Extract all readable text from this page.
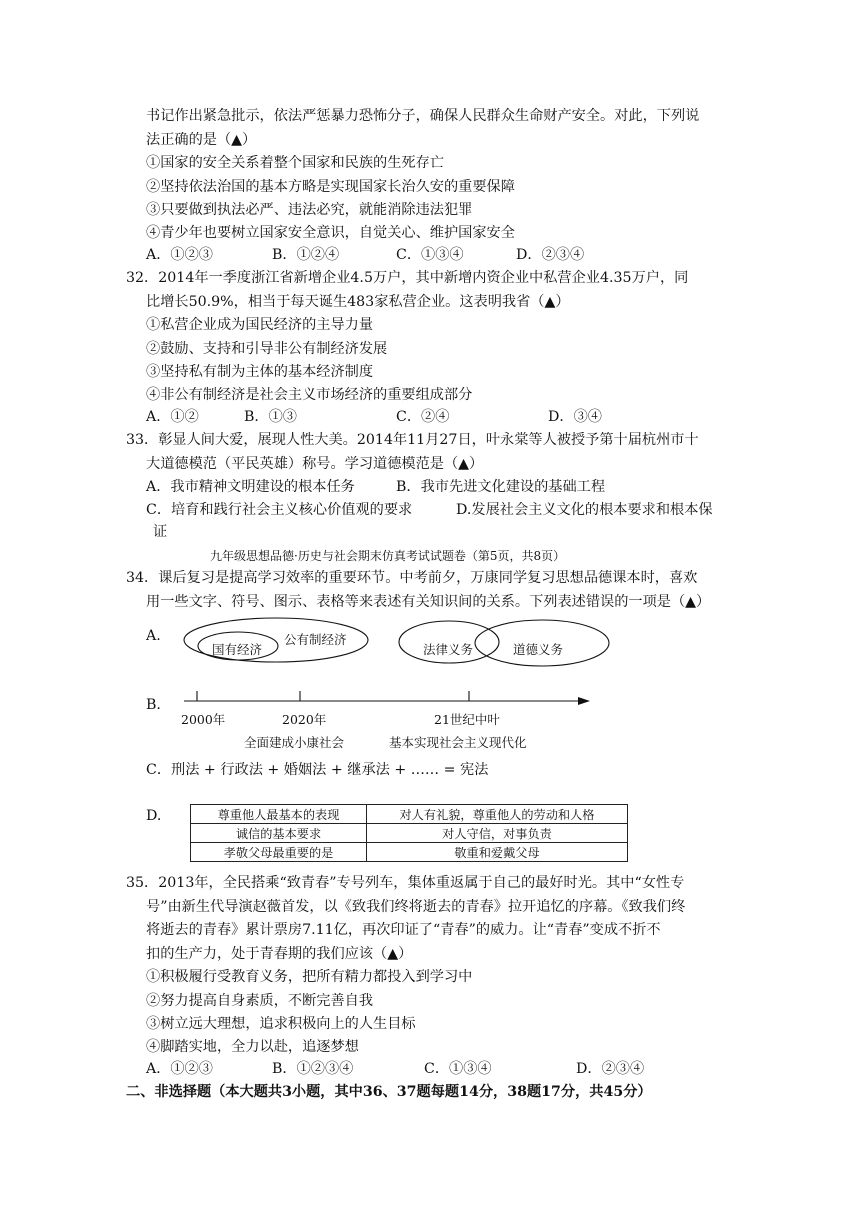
书记作出紧急批示，依法严惩暴力恐怖分子，确保人民群众生命财产安全。对此，下列说
法正确的是（▲）
①国家的安全关系着整个国家和民族的生死存亡
②坚持依法治国的基本方略是实现国家长治久安的重要保障
③只要做到执法必严、违法必究，就能消除违法犯罪
④青少年也要树立国家安全意识，自觉关心、维护国家安全
A．①②③	B．①②④	C．①③④	D．②③④
32．2014年一季度浙江省新增企业4.5万户，其中新增内资企业中私营企业4.35万户，同
比增长50.9%，相当于每天诞生483家私营企业。这表明我省（▲）
①私营企业成为国民经济的主导力量
②鼓励、支持和引导非公有制经济发展
③坚持私有制为主体的基本经济制度
④非公有制经济是社会主义市场经济的重要组成部分
A．①②	B．①③	C．②④	D．③④
33．彰显人间大爱，展现人性大美。2014年11月27日，叶永棠等人被授予第十届杭州市十
大道德模范（平民英雄）称号。学习道德模范是（▲）
A．我市精神文明建设的根本任务	B．我市先进文化建设的基础工程
C．培育和践行社会主义核心价值观的要求	D.发展社会主义文化的根本要求和根本保
证
九年级思想品德·历史与社会期末仿真考试试题卷（第5页，共8页）
34．课后复习是提高学习效率的重要环节。中考前夕，万康同学复习思想品德课本时，喜欢
用一些文字、符号、图示、表格等来表述有关知识间的关系。下列表述错误的一项是（▲）
A.
国有经济
公有制经济
法律义务	道德义务
B.
2000年	2020年	21世纪中叶
全面建成小康社会	基本实现社会主义现代化
C．刑法 + 行政法 + 婚姻法 + 继承法 + …… = 宪法
D.	尊重他人最基本的表现	对人有礼貌，尊重他人的劳动和人格
诚信的基本要求	对人守信，对事负责
孝敬父母最重要的是	敬重和爱戴父母
35．2013年，全民搭乘“致青春”专号列车，集体重返属于自己的最好时光。其中“女性专
号”由新生代导演赵薇首发，以《致我们终将逝去的青春》拉开追忆的序幕。《致我们终
将逝去的青春》累计票房7.11亿，再次印证了“青春”的威力。让“青春”变成不折不
扣的生产力，处于青春期的我们应该（▲）
①积极履行受教育义务，把所有精力都投入到学习中
②努力提高自身素质，不断完善自我
③树立远大理想，追求积极向上的人生目标
④脚踏实地，全力以赴，追逐梦想
A．①②③	B．①②③④	C．①③④	D．②③④
二、非选择题（本大题共3小题，其中36、37题每题14分，38题17分，共45分）
